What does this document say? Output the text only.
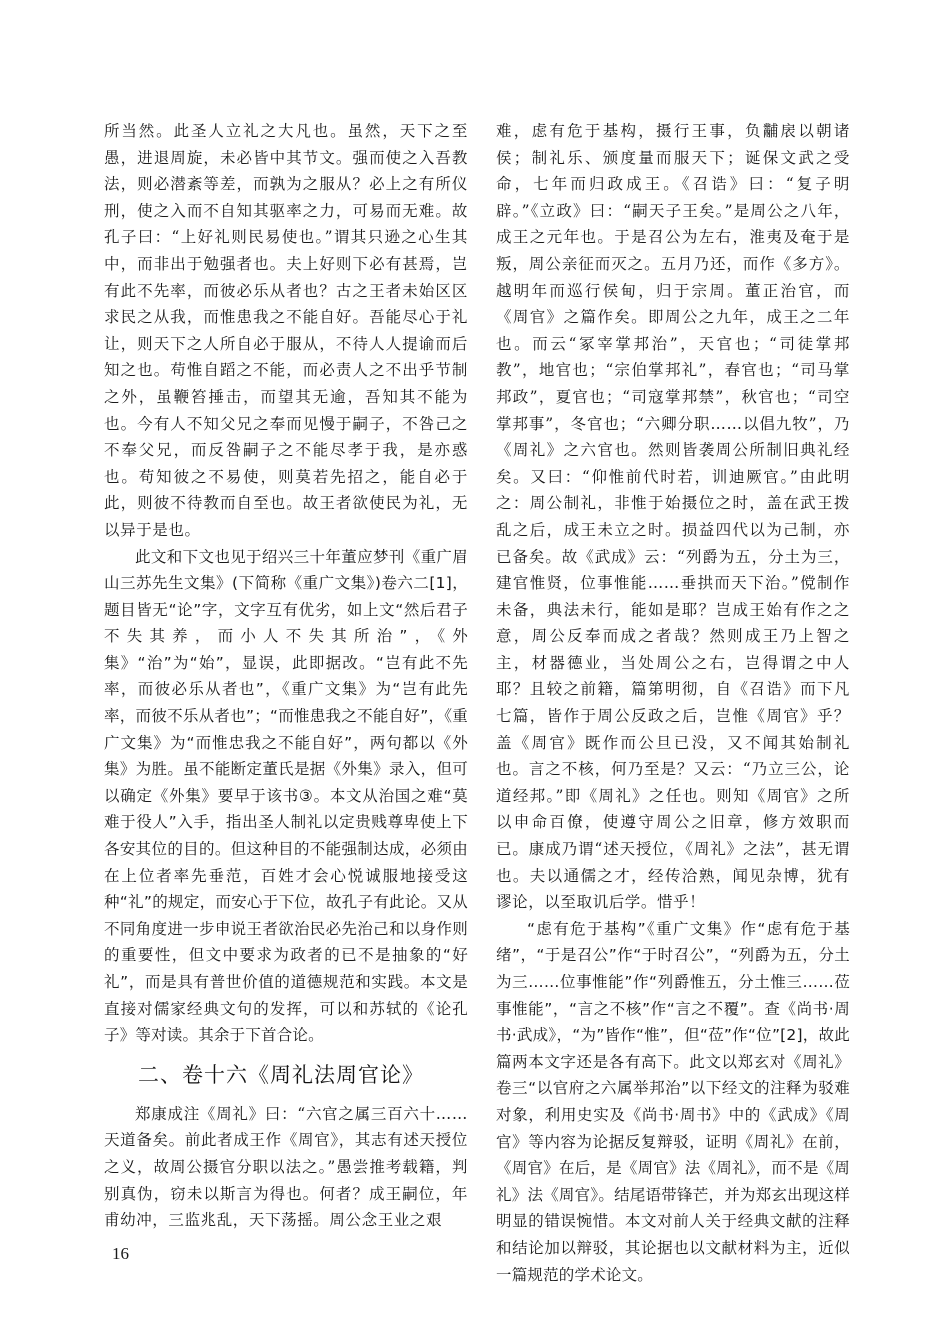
所当然。此圣人立礼之大凡也。虽然，天下之至愚，进退周旋，未必皆中其节文。强而使之入吾教法，则必潜紊等差，而孰为之服从？必上之有所仪刑，使之入而不自知其驱率之力，可易而无难。故孔子曰：“上好礼则民易使也。”谓其只逊之心生其中，而非出于勉强者也。夫上好则下必有甚焉，岂有此不先率，而彼必乐从者也？古之王者未始区区求民之从我，而惟患我之不能自好。吾能尽心于礼让，则天下之人所自必于服从，不待人人提谕而后知之也。苟惟自蹈之不能，而必责人之不出乎节制之外，虽鞭笞捶击，而望其无逾，吾知其不能为也。今有人不知父兄之奉而见慢于嗣子，不咎己之不奉父兄，而反咎嗣子之不能尽孝于我，是亦惑也。苟知彼之不易使，则莫若先招之，能自必于此，则彼不待教而自至也。故王者欲使民为礼，无以异于是也。

此文和下文也见于绍兴三十年董应梦刊《重广眉山三苏先生文集》(下简称《重广文集》)卷六二[1]，题目皆无“论”字，文字互有优劣，如上文“然后君子不失其养，而小人不失其所治”，《外集》“治”为“始”，显误，此即据改。“岂有此不先率，而彼必乐从者也”，《重广文集》为“岂有此先率，而彼不乐从者也”；“而惟患我之不能自好”，《重广文集》为“而惟忠我之不能自好”，两句都以《外集》为胜。虽不能断定董氏是据《外集》录入，但可以确定《外集》要早于该书③。本文从治国之难“莫难于役人”入手，指出圣人制礼以定贵贱尊卑使上下各安其位的目的。但这种目的不能强制达成，必须由在上位者率先垂范，百姓才会心悦诚服地接受这种“礼”的规定，而安心于下位，故孔子有此论。又从不同角度进一步申说王者欲治民必先治己和以身作则的重要性，但文中要求为政者的已不是抽象的“好礼”，而是具有普世价值的道德规范和实践。本文是直接对儒家经典文句的发挥，可以和苏轼的《论孔子》等对读。其余于下首合论。

二、卷十六《周礼法周官论》

郑康成注《周礼》曰：“六官之属三百六十……天道备矣。前此者成王作《周官》，其志有述天授位之义，故周公摄官分职以法之。”愚尝推考载籍，判别真伪，窃未以斯言为得也。何者？成王嗣位，年甫幼冲，三监兆乱，天下荡摇。周公念王业之艰

难，虑有危于基构，摄行王事，负黼扆以朝诸侯；制礼乐、颁度量而服天下；诞保文武之受命，七年而归政成王。《召诰》曰：“复子明辟。”《立政》曰：“嗣天子王矣。”是周公之八年，成王之元年也。于是召公为左右，淮夷及奄于是叛，周公亲征而灭之。五月乃还，而作《多方》。越明年而巡行侯甸，归于宗周。董正治官，而《周官》之篇作矣。即周公之九年，成王之二年也。而云“冢宰掌邦治”，天官也；“司徒掌邦教”，地官也；“宗伯掌邦礼”，春官也；“司马掌邦政”，夏官也；“司寇掌邦禁”，秋官也；“司空掌邦事”，冬官也；“六卿分职……以倡九牧”，乃《周礼》之六官也。然则皆袭周公所制旧典礼经矣。又曰：“仰惟前代时若，训迪厥官。”由此明之：周公制礼，非惟于始摄位之时，盖在武王拨乱之后，成王未立之时。损益四代以为己制，亦已备矣。故《武成》云：“列爵为五，分土为三，建官惟贤，位事惟能……垂拱而天下治。”傥制作未备，典法未行，能如是耶？岂成王始有作之之意，周公反奉而成之者哉？然则成王乃上智之主，材器德业，当处周公之右，岂得谓之中人耶？且较之前籍，篇第明彻，自《召诰》而下凡七篇，皆作于周公反政之后，岂惟《周官》乎？盖《周官》既作而公旦已没，又不闻其始制礼也。言之不核，何乃至是？又云：“乃立三公，论道经邦。”即《周礼》之任也。则知《周官》之所以申命百僚，使遵守周公之旧章，修方效职而已。康成乃谓“述天授位，《周礼》之法”，甚无谓也。夫以通儒之才，经传洽熟，闻见杂博，犹有谬论，以至取讥后学。惜乎！

“虑有危于基构”《重广文集》作“虑有危于基绪”，“于是召公”作“于时召公”，“列爵为五，分土为三……位事惟能”作“列爵惟五，分土惟三……莅事惟能”，“言之不核”作“言之不覆”。查《尚书·周书·武成》，“为”皆作“惟”，但“莅”作“位”[2]，故此篇两本文字还是各有高下。此文以郑玄对《周礼》卷三“以官府之六属举邦治”以下经文的注释为驳难对象，利用史实及《尚书·周书》中的《武成》《周官》等内容为论据反复辩驳，证明《周礼》在前，《周官》在后，是《周官》法《周礼》，而不是《周礼》法《周官》。结尾语带锋芒，并为郑玄出现这样明显的错误惋惜。本文对前人关于经典文献的注释和结论加以辩驳，其论据也以文献材料为主，近似一篇规范的学术论文。

16
